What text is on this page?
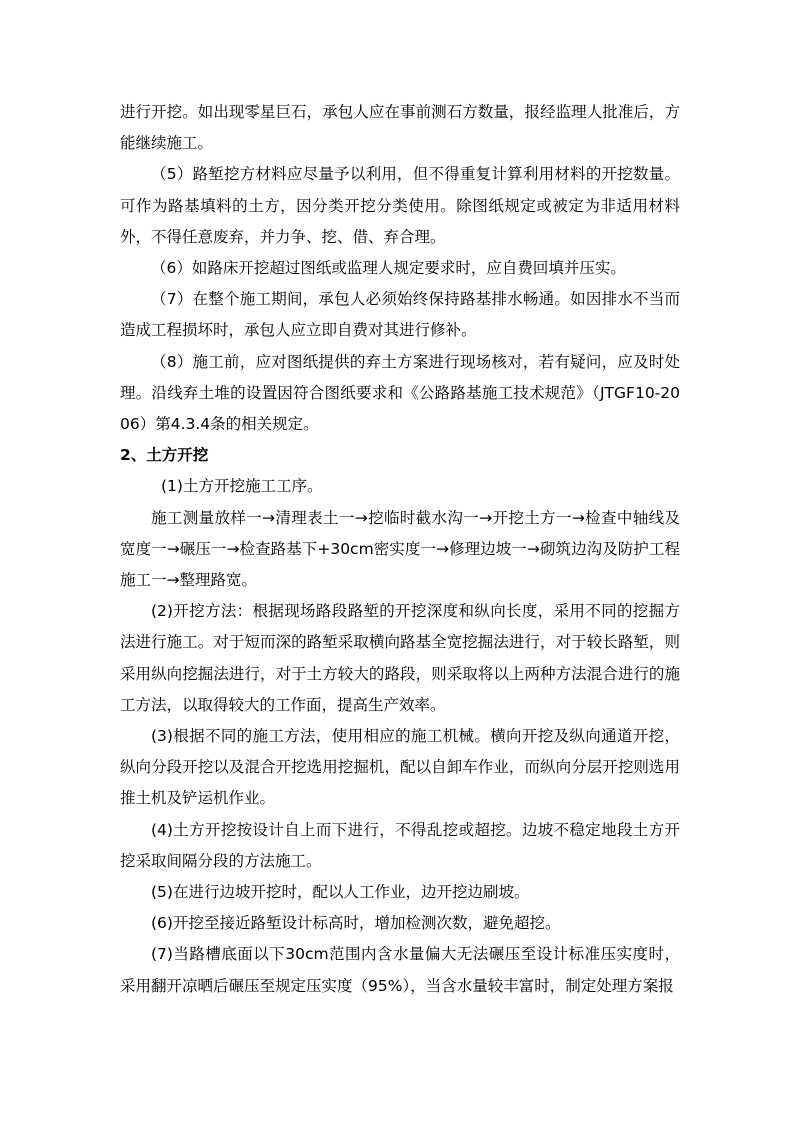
进行开挖。如出现零星巨石，承包人应在事前测石方数量，报经监理人批准后，方能继续施工。

（5）路堑挖方材料应尽量予以利用，但不得重复计算利用材料的开挖数量。可作为路基填料的土方，因分类开挖分类使用。除图纸规定或被定为非适用材料外，不得任意废弃，并力争、挖、借、弃合理。

（6）如路床开挖超过图纸或监理人规定要求时，应自费回填并压实。

（7）在整个施工期间，承包人必须始终保持路基排水畅通。如因排水不当而造成工程损坏时，承包人应立即自费对其进行修补。

（8）施工前，应对图纸提供的弃土方案进行现场核对，若有疑问，应及时处理。沿线弃土堆的设置因符合图纸要求和《公路路基施工技术规范》（JTGF10-2006）第4.3.4条的相关规定。

2、土方开挖

(1)土方开挖施工工序。

施工测量放样一→清理表土一→挖临时截水沟一→开挖土方一→检查中轴线及宽度一→碾压一→检查路基下+30cm密实度一→修理边坡一→砌筑边沟及防护工程施工一→整理路宽。

(2)开挖方法：根据现场路段路堑的开挖深度和纵向长度，采用不同的挖掘方法进行施工。对于短而深的路堑采取横向路基全宽挖掘法进行，对于较长路堑，则采用纵向挖掘法进行，对于土方较大的路段，则采取将以上两种方法混合进行的施工方法，以取得较大的工作面，提高生产效率。

(3)根据不同的施工方法，使用相应的施工机械。横向开挖及纵向通道开挖，纵向分段开挖以及混合开挖选用挖掘机，配以自卸车作业，而纵向分层开挖则选用推土机及铲运机作业。

(4)土方开挖按设计自上而下进行，不得乱挖或超挖。边坡不稳定地段土方开挖采取间隔分段的方法施工。

(5)在进行边坡开挖时，配以人工作业，边开挖边刷坡。

(6)开挖至接近路堑设计标高时，增加检测次数，避免超挖。

(7)当路槽底面以下30cm范围内含水量偏大无法碾压至设计标准压实度时，采用翻开凉晒后碾压至规定压实度（95%），当含水量较丰富时，制定处理方案报
